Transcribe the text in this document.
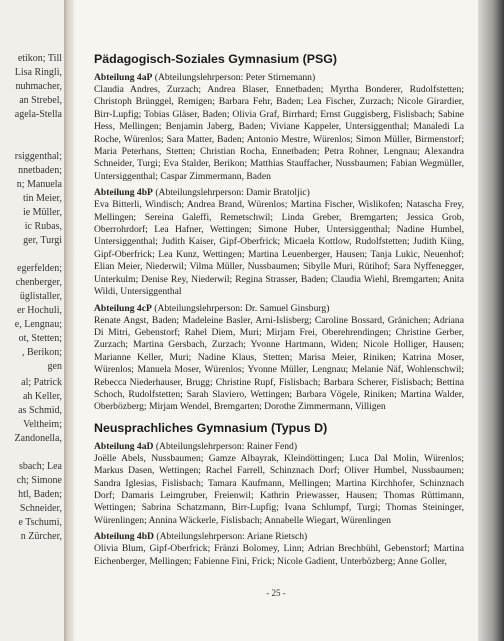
etikon; Till
Lisa Ringli,
nuhmacher,
an Strebel,
agela-Stella
rsiggenthal;
nnetbaden;
n; Manuela
tin Meier,
ie Müller,
ic Rubas,
ger, Turgi
egerfelden;
chenberger,
üglistaller,
er Hochuli,
e, Lengnau;
ot, Stetten;
, Berikon;
gen
al; Patrick
ah Keller,
as Schmid,
Veltheim;
Zandonella,
sbach; Lea
ch; Simone
htl, Baden;
Schneider,
e Tschumi,
n Zürcher,
Pädagogisch-Soziales Gymnasium (PSG)
Abteilung 4aP (Abteilungslehrperson: Peter Stirnemann)
Claudia Andres, Zurzach; Andrea Blaser, Ennetbaden; Myrtha Bonderer, Rudolfstetten; Christoph Brünggel, Remigen; Barbara Fehr, Baden; Lea Fischer, Zurzach; Nicole Girardier, Birr-Lupfig; Tobias Gläser, Baden; Olivia Graf, Birrhard; Ernst Guggisberg, Fislisbach; Sabine Hess, Mellingen; Benjamin Jaberg, Baden; Viviane Kappeler, Untersiggenthal; Manaledi La Roche, Würenlos; Sara Matter, Baden; Antonio Mestre, Würenlos; Simon Müller, Birmenstorf; Maria Peterhans, Stetten; Christian Rocha, Ennetbaden; Petra Rohner, Lengnau; Alexandra Schneider, Turgi; Eva Stalder, Berikon; Matthias Stauffacher, Nussbaumen; Fabian Wegmüller, Untersiggenthal; Caspar Zimmermann, Baden
Abteilung 4bP (Abteilungslehrperson: Damir Bratoljic)
Eva Bitterli, Windisch; Andrea Brand, Würenlos; Martina Fischer, Wislikofen; Natascha Frey, Mellingen; Sereina Galeffi, Remetschwil; Linda Greber, Bremgarten; Jessica Grob, Oberrohrdorf; Lea Hafner, Wettingen; Simone Huber, Untersiggenthal; Nadine Humbel, Untersiggenthal; Judith Kaiser, Gipf-Oberfrick; Micaela Kottlow, Rudolfstetten; Judith Küng, Gipf-Oberfrick; Lea Kunz, Wettingen; Martina Leuenberger, Hausen; Tanja Lukic, Neuenhof; Elian Meier, Niederwil; Vilma Müller, Nussbaumen; Sibylle Muri, Rütihof; Sara Nyffenegger, Unterkulm; Denise Rey, Niederwil; Regina Strasser, Baden; Claudia Wiehl, Bremgarten; Anita Wildi, Untersiggenthal
Abteilung 4cP (Abteilungslehrperson: Dr. Samuel Ginsburg)
Renate Angst, Baden; Madeleine Basler, Arni-Islisberg; Caroline Bossard, Gränichen; Adriana Di Mitri, Gebenstorf; Rahel Diem, Muri; Mirjam Frei, Oberehrendingen; Christine Gerber, Zurzach; Martina Gersbach, Zurzach; Yvonne Hartmann, Widen; Nicole Holliger, Hausen; Marianne Keller, Muri; Nadine Klaus, Stetten; Marisa Meier, Riniken; Katrina Moser, Würenlos; Manuela Moser, Würenlos; Yvonne Müller, Lengnau; Melanie Näf, Wohlenschwil; Rebecca Niederhauser, Brugg; Christine Rupf, Fislisbach; Barbara Scherer, Fislisbach; Bettina Schoch, Rudolfstetten; Sarah Slaviero, Wettingen; Barbara Vögele, Riniken; Martina Walder, Oberbözberg; Mirjam Wendel, Bremgarten; Dorothe Zimmermann, Villigen
Neusprachliches Gymnasium (Typus D)
Abteilung 4aD (Abteilungslehrperson: Rainer Fend)
Joëlle Abels, Nussbaumen; Gamze Albayrak, Kleindöttingen; Luca Dal Molin, Würenlos; Markus Dasen, Wettingen; Rachel Farrell, Schinznach Dorf; Oliver Humbel, Nussbaumen; Sandra Iglesias, Fislisbach; Tamara Kaufmann, Mellingen; Martina Kirchhofer, Schinznach Dorf; Damaris Leimgruber, Freienwil; Kathrin Priewasser, Hausen; Thomas Rüttimann, Wettingen; Sabrina Schatzmann, Birr-Lupfig; Ivana Schlumpf, Turgi; Thomas Steininger, Würenlingen; Annina Wäckerle, Fislisbach; Annabelle Wiegart, Würenlingen
Abteilung 4bD (Abteilungslehrperson: Ariane Rietsch)
Olivia Blum, Gipf-Oberfrick; Fränzi Bolomey, Linn; Adrian Brechbühl, Gebenstorf; Martina Eichenberger, Mellingen; Fabienne Fini, Frick; Nicole Gadient, Unterbözberg; Anne Goller,
- 25 -
